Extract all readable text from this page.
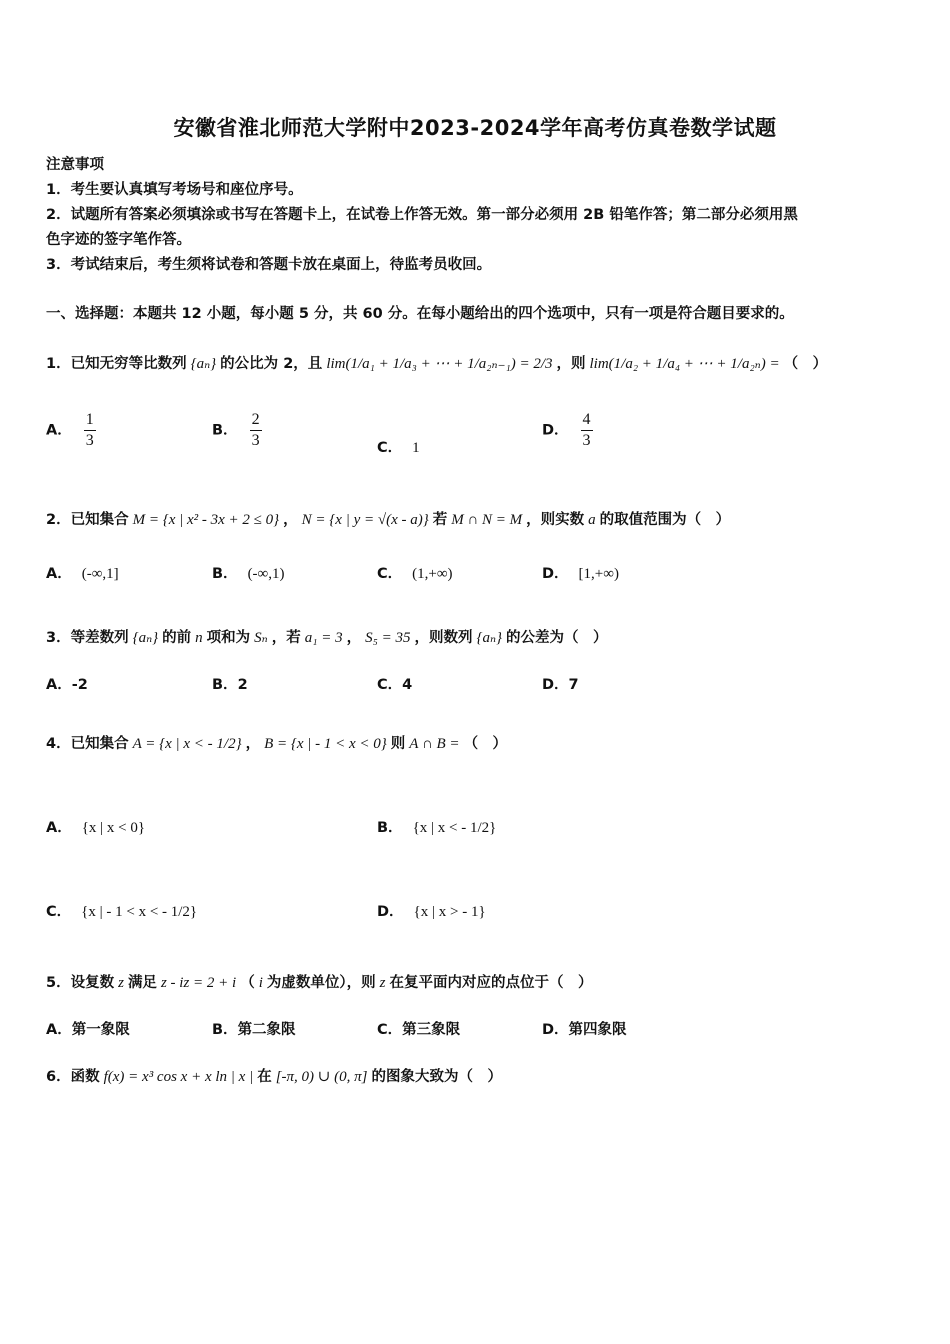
安徽省淮北师范大学附中2023-2024学年高考仿真卷数学试题
注意事项
1．考生要认真填写考场号和座位序号。
2．试题所有答案必须填涂或书写在答题卡上，在试卷上作答无效。第一部分必须用 2B 铅笔作答；第二部分必须用黑
色字迹的签字笔作答。
3．考试结束后，考生须将试卷和答题卡放在桌面上，待监考员收回。
一、选择题：本题共 12 小题，每小题 5 分，共 60 分。在每小题给出的四个选项中，只有一项是符合题目要求的。
1．已知无穷等比数列 {aₙ} 的公比为 2，且 lim(1/a₁ + 1/a₃ + ⋯ + 1/a₂ₙ₋₁) = 2/3 ，则 lim(1/a₂ + 1/a₄ + ⋯ + 1/a₂ₙ) = （　）
A． $\frac{1}{3}$	B． $\frac{2}{3}$	C． 1
D． $\frac{4}{3}$
2．已知集合 M = {x | x² - 3x + 2 ≤ 0} ， N = {x | y = √(x - a)} 若 M ∩ N = M ，则实数 a 的取值范围为（　）
A． (-∞,1]	B． (-∞,1)	C． (1,+∞)	D． [1,+∞)
3．等差数列 {aₙ} 的前 n 项和为 Sₙ ，若 a₁ = 3 ， S₅ = 35 ，则数列 {aₙ} 的公差为（　）
A．-2	B．2	C．4	D．7
4．已知集合 A = {x | x < - 1/2} ， B = {x | - 1 < x < 0} 则 A ∩ B = （　）
A． {x | x < 0}	B． {x | x < - 1/2}
C． {x | - 1 < x < - 1/2}	D． {x | x > - 1}
5．设复数 z 满足 z - iz = 2 + i （ i 为虚数单位），则 z 在复平面内对应的点位于（　）
A．第一象限	B．第二象限	C．第三象限	D．第四象限
6．函数 f(x) = x³ cos x + x ln | x | 在 [-π, 0) ∪ (0, π] 的图象大致为（　）
